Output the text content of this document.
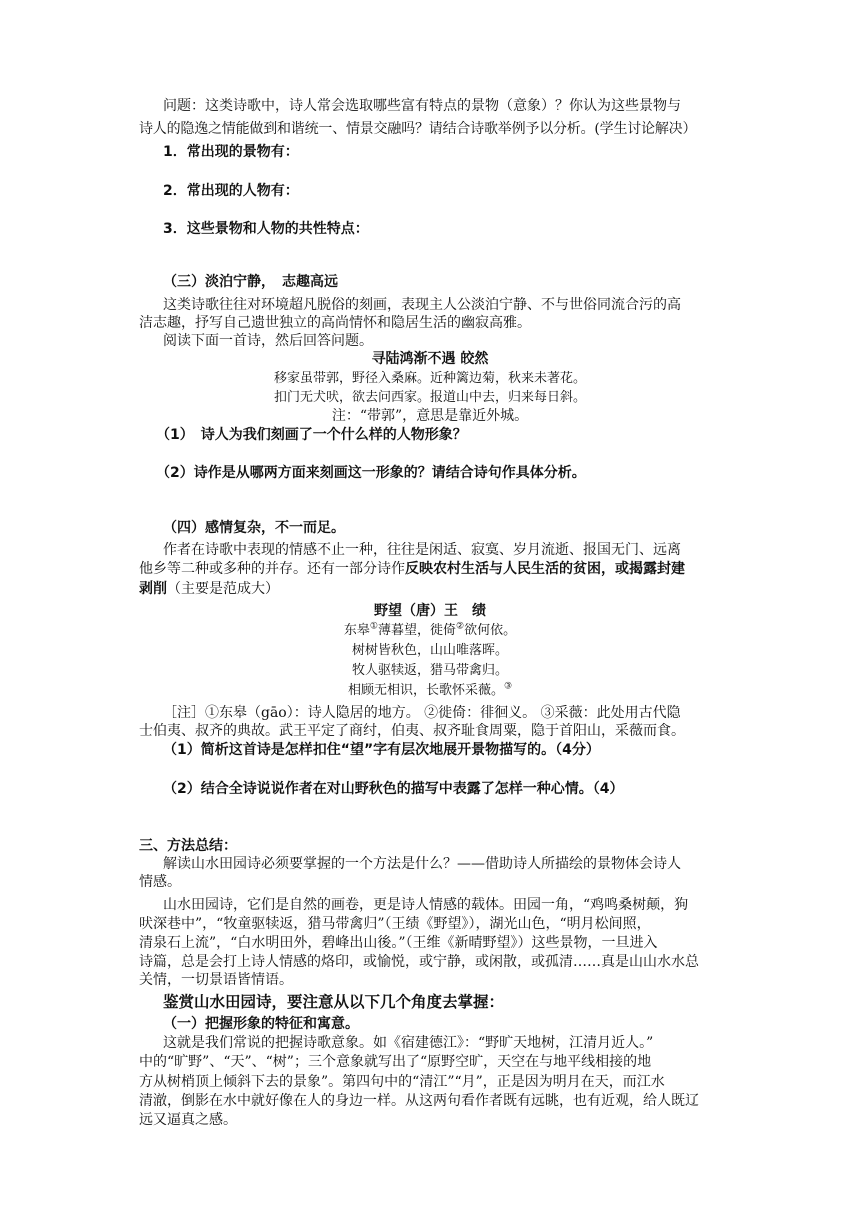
问题：这类诗歌中，诗人常会选取哪些富有特点的景物（意象）？你认为这些景物与
诗人的隐逸之情能做到和谐统一、情景交融吗？请结合诗歌举例予以分析。(学生讨论解决）
1．常出现的景物有：
2．常出现的人物有：
3．这些景物和人物的共性特点：
（三）淡泊宁静，　志趣高远
这类诗歌往往对环境超凡脱俗的刻画，表现主人公淡泊宁静、不与世俗同流合污的高
洁志趣，抒写自己遗世独立的高尚情怀和隐居生活的幽寂高雅。
阅读下面一首诗，然后回答问题。
寻陆鸿渐不遇 皎然
移家虽带郭，野径入桑麻。近种篱边菊，秋来未著花。
扣门无犬吠，欲去问西家。报道山中去，归来每日斜。
注：“带郭”，意思是靠近外城。
（1）　诗人为我们刻画了一个什么样的人物形象？
（2）诗作是从哪两方面来刻画这一形象的？请结合诗句作具体分析。
（四）感情复杂，不一而足。
作者在诗歌中表现的情感不止一种，往往是闲适、寂寞、岁月流逝、报国无门、远离
他乡等二种或多种的并存。还有一部分诗作反映农村生活与人民生活的贫困，或揭露封建
剥削（主要是范成大）
野望（唐）王　绩
东皋①薄暮望，徙倚②欲何依。
树树皆秋色，山山唯落晖。
牧人驱犊返，猎马带禽归。
相顾无相识，长歌怀采薇。③
［注］①东皋（gāo）：诗人隐居的地方。 ②徙倚：徘徊义。 ③采薇：此处用古代隐
士伯夷、叔齐的典故。武王平定了商纣，伯夷、叔齐耻食周粟，隐于首阳山，采薇而食。
（1）简析这首诗是怎样扣住“望”字有层次地展开景物描写的。（4分）
（2）结合全诗说说作者在对山野秋色的描写中表露了怎样一种心情。（4）
三、方法总结：
解读山水田园诗必须要掌握的一个方法是什么？——借助诗人所描绘的景物体会诗人
情感。
山水田园诗，它们是自然的画卷，更是诗人情感的载体。田园一角，“鸡鸣桑树颠，狗
吠深巷中”，“牧童驱犊返，猎马带禽归”（王绩《野望》），湖光山色，“明月松间照，
清泉石上流”，“白水明田外，碧峰出山後。”（王维《新晴野望》）这些景物，一旦进入
诗篇，总是会打上诗人情感的烙印，或愉悦，或宁静，或闲散，或孤清……真是山山水水总
关情，一切景语皆情语。
鉴赏山水田园诗，要注意从以下几个角度去掌握：
（一）把握形象的特征和寓意。
这就是我们常说的把握诗歌意象。如《宿建德江》：“野旷天地树，江清月近人。”
中的“旷野”、“天”、“树”；三个意象就写出了“原野空旷，天空在与地平线相接的地
方从树梢顶上倾斜下去的景象”。第四句中的“清江”“月”，正是因为明月在天，而江水
清澈，倒影在水中就好像在人的身边一样。从这两句看作者既有远眺，也有近观，给人既辽
远又逼真之感。
